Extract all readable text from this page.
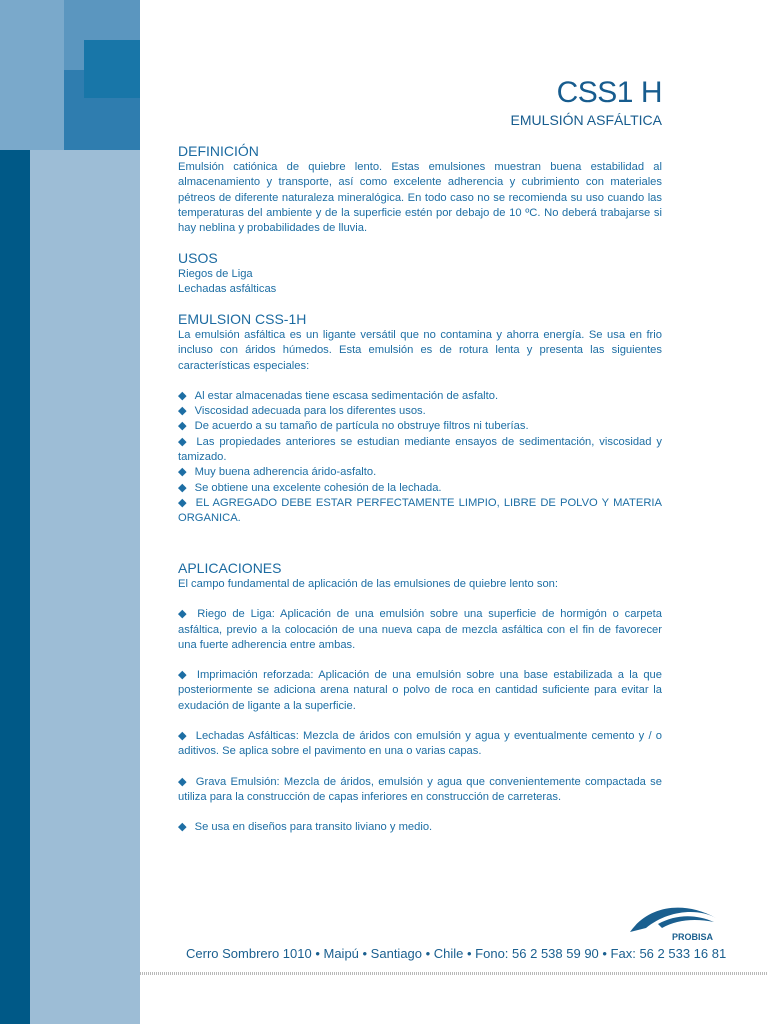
CSS1 H
EMULSIÓN ASFÁLTICA
DEFINICIÓN

Emulsión catiónica de quiebre lento. Estas emulsiones muestran buena estabilidad al almacenamiento y transporte, así como excelente adherencia y cubrimiento con materiales pétreos de diferente naturaleza mineralógica. En todo caso no se recomienda su uso cuando las temperaturas del ambiente y de la superficie estén por debajo de 10 ºC. No deberá trabajarse si hay neblina y probabilidades de lluvia.

USOS

Riegos de Liga

Lechadas asfálticas

EMULSION CSS-1H

La emulsión asfáltica es un ligante versátil que no contamina y ahorra energía. Se usa en frio incluso con áridos húmedos. Esta emulsión es de rotura lenta y presenta las siguientes características especiales:

◆ Al estar almacenadas tiene escasa sedimentación de asfalto.
◆ Viscosidad adecuada para los diferentes usos.
◆ De acuerdo a su tamaño de partícula no obstruye filtros ni tuberías.
◆ Las propiedades anteriores se estudian mediante ensayos de sedimentación, viscosidad y tamizado.
◆ Muy buena adherencia árido-asfalto.
◆ Se obtiene una excelente cohesión de la lechada.
◆ EL AGREGADO DEBE ESTAR PERFECTAMENTE LIMPIO, LIBRE DE POLVO Y MATERIA ORGANICA.
APLICACIONES

El campo fundamental de aplicación de las emulsiones de quiebre lento son:

◆ Riego de Liga: Aplicación de una emulsión sobre una superficie de hormigón o carpeta asfáltica, previo a la colocación de una nueva capa de mezcla asfáltica con el fin de favorecer una fuerte adherencia entre ambas.

◆ Imprimación reforzada: Aplicación de una emulsión sobre una base estabilizada a la que posteriormente se adiciona arena natural o polvo de roca en cantidad suficiente para evitar la exudación de ligante a la superficie.

◆ Lechadas Asfálticas: Mezcla de áridos con emulsión y agua y eventualmente cemento y / o aditivos. Se aplica sobre el pavimento en una o varias capas.

◆ Grava Emulsión: Mezcla de áridos, emulsión y agua que convenientemente compactada se utiliza para la construcción de capas inferiores en construcción de carreteras.

◆ Se usa en diseños para transito liviano y medio.

PROBISA
Cerro Sombrero 1010 • Maipú • Santiago • Chile • Fono: 56 2 538 59 90 • Fax: 56 2 533 16 81
